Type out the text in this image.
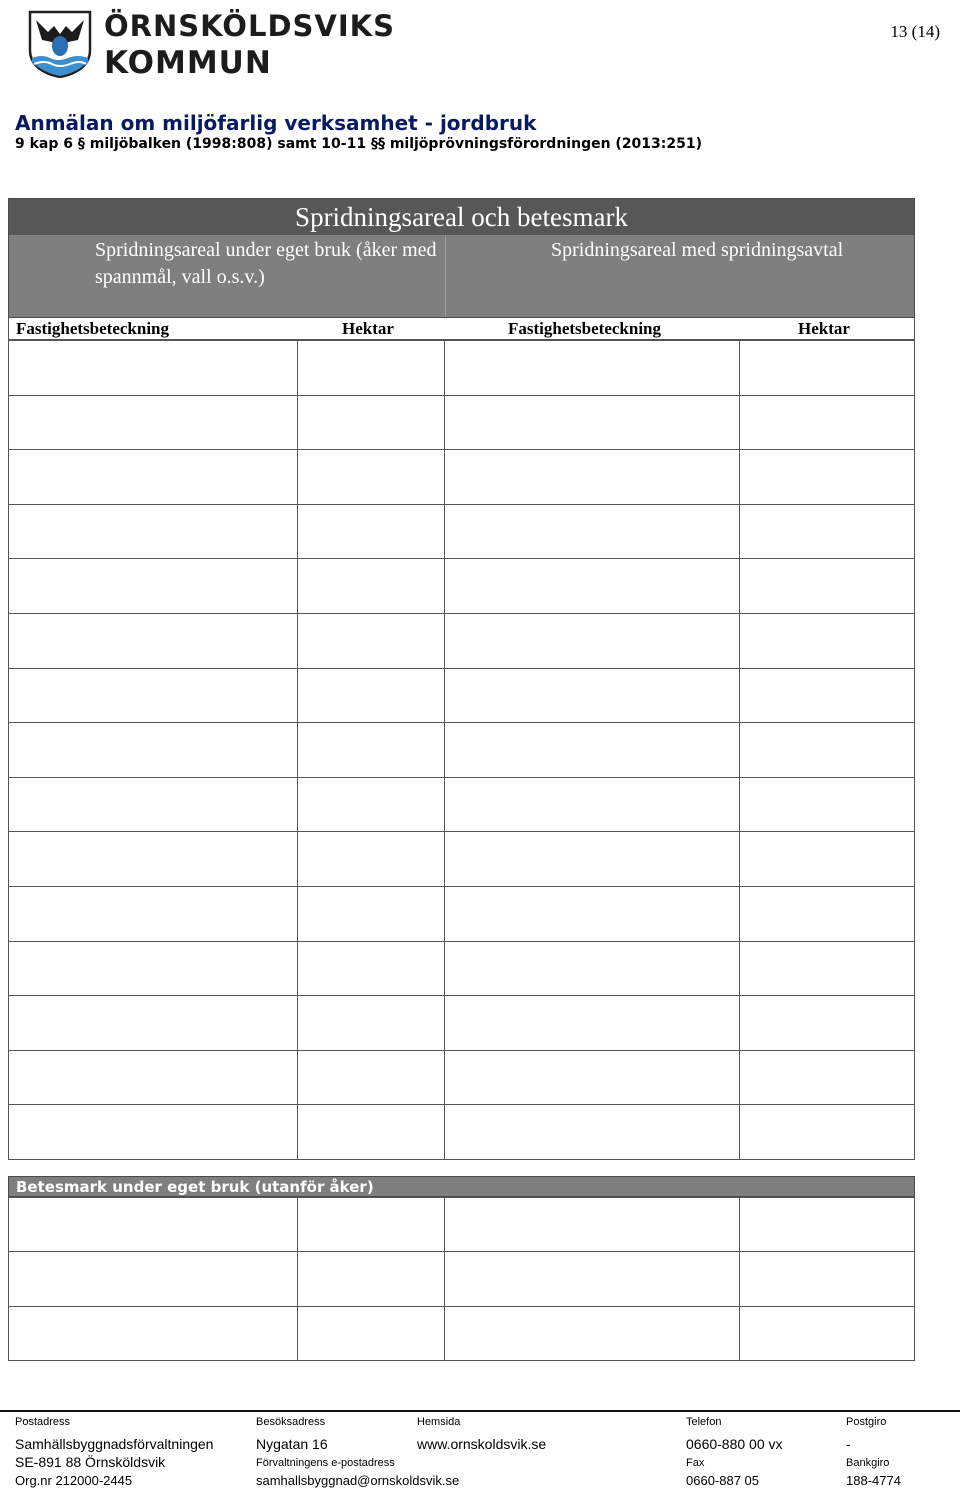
ÖRNSKÖLDSVIKS
KOMMUN
13 (14)
Anmälan om miljöfarlig verksamhet - jordbruk
9 kap 6 § miljöbalken (1998:808) samt 10-11 §§ miljöprövningsförordningen (2013:251)
Spridningsareal och betesmark
Spridningsareal under eget bruk (åker med spannmål, vall o.s.v.)
Spridningsareal med spridningsavtal
Fastighetsbeteckning	Hektar	Fastighetsbeteckning	Hektar

Betesmark under eget bruk (utanför åker)

Postadress
Samhällsbyggnadsförvaltningen
SE-891 88 Örnsköldsvik
Org.nr 212000-2445
Besöksadress
Nygatan 16
Förvaltningens e-postadress
samhallsbyggnad@ornskoldsvik.se
Hemsida
www.ornskoldsvik.se
Telefon
0660-880 00 vx
Fax
0660-887 05
Postgiro
-
Bankgiro
188-4774
